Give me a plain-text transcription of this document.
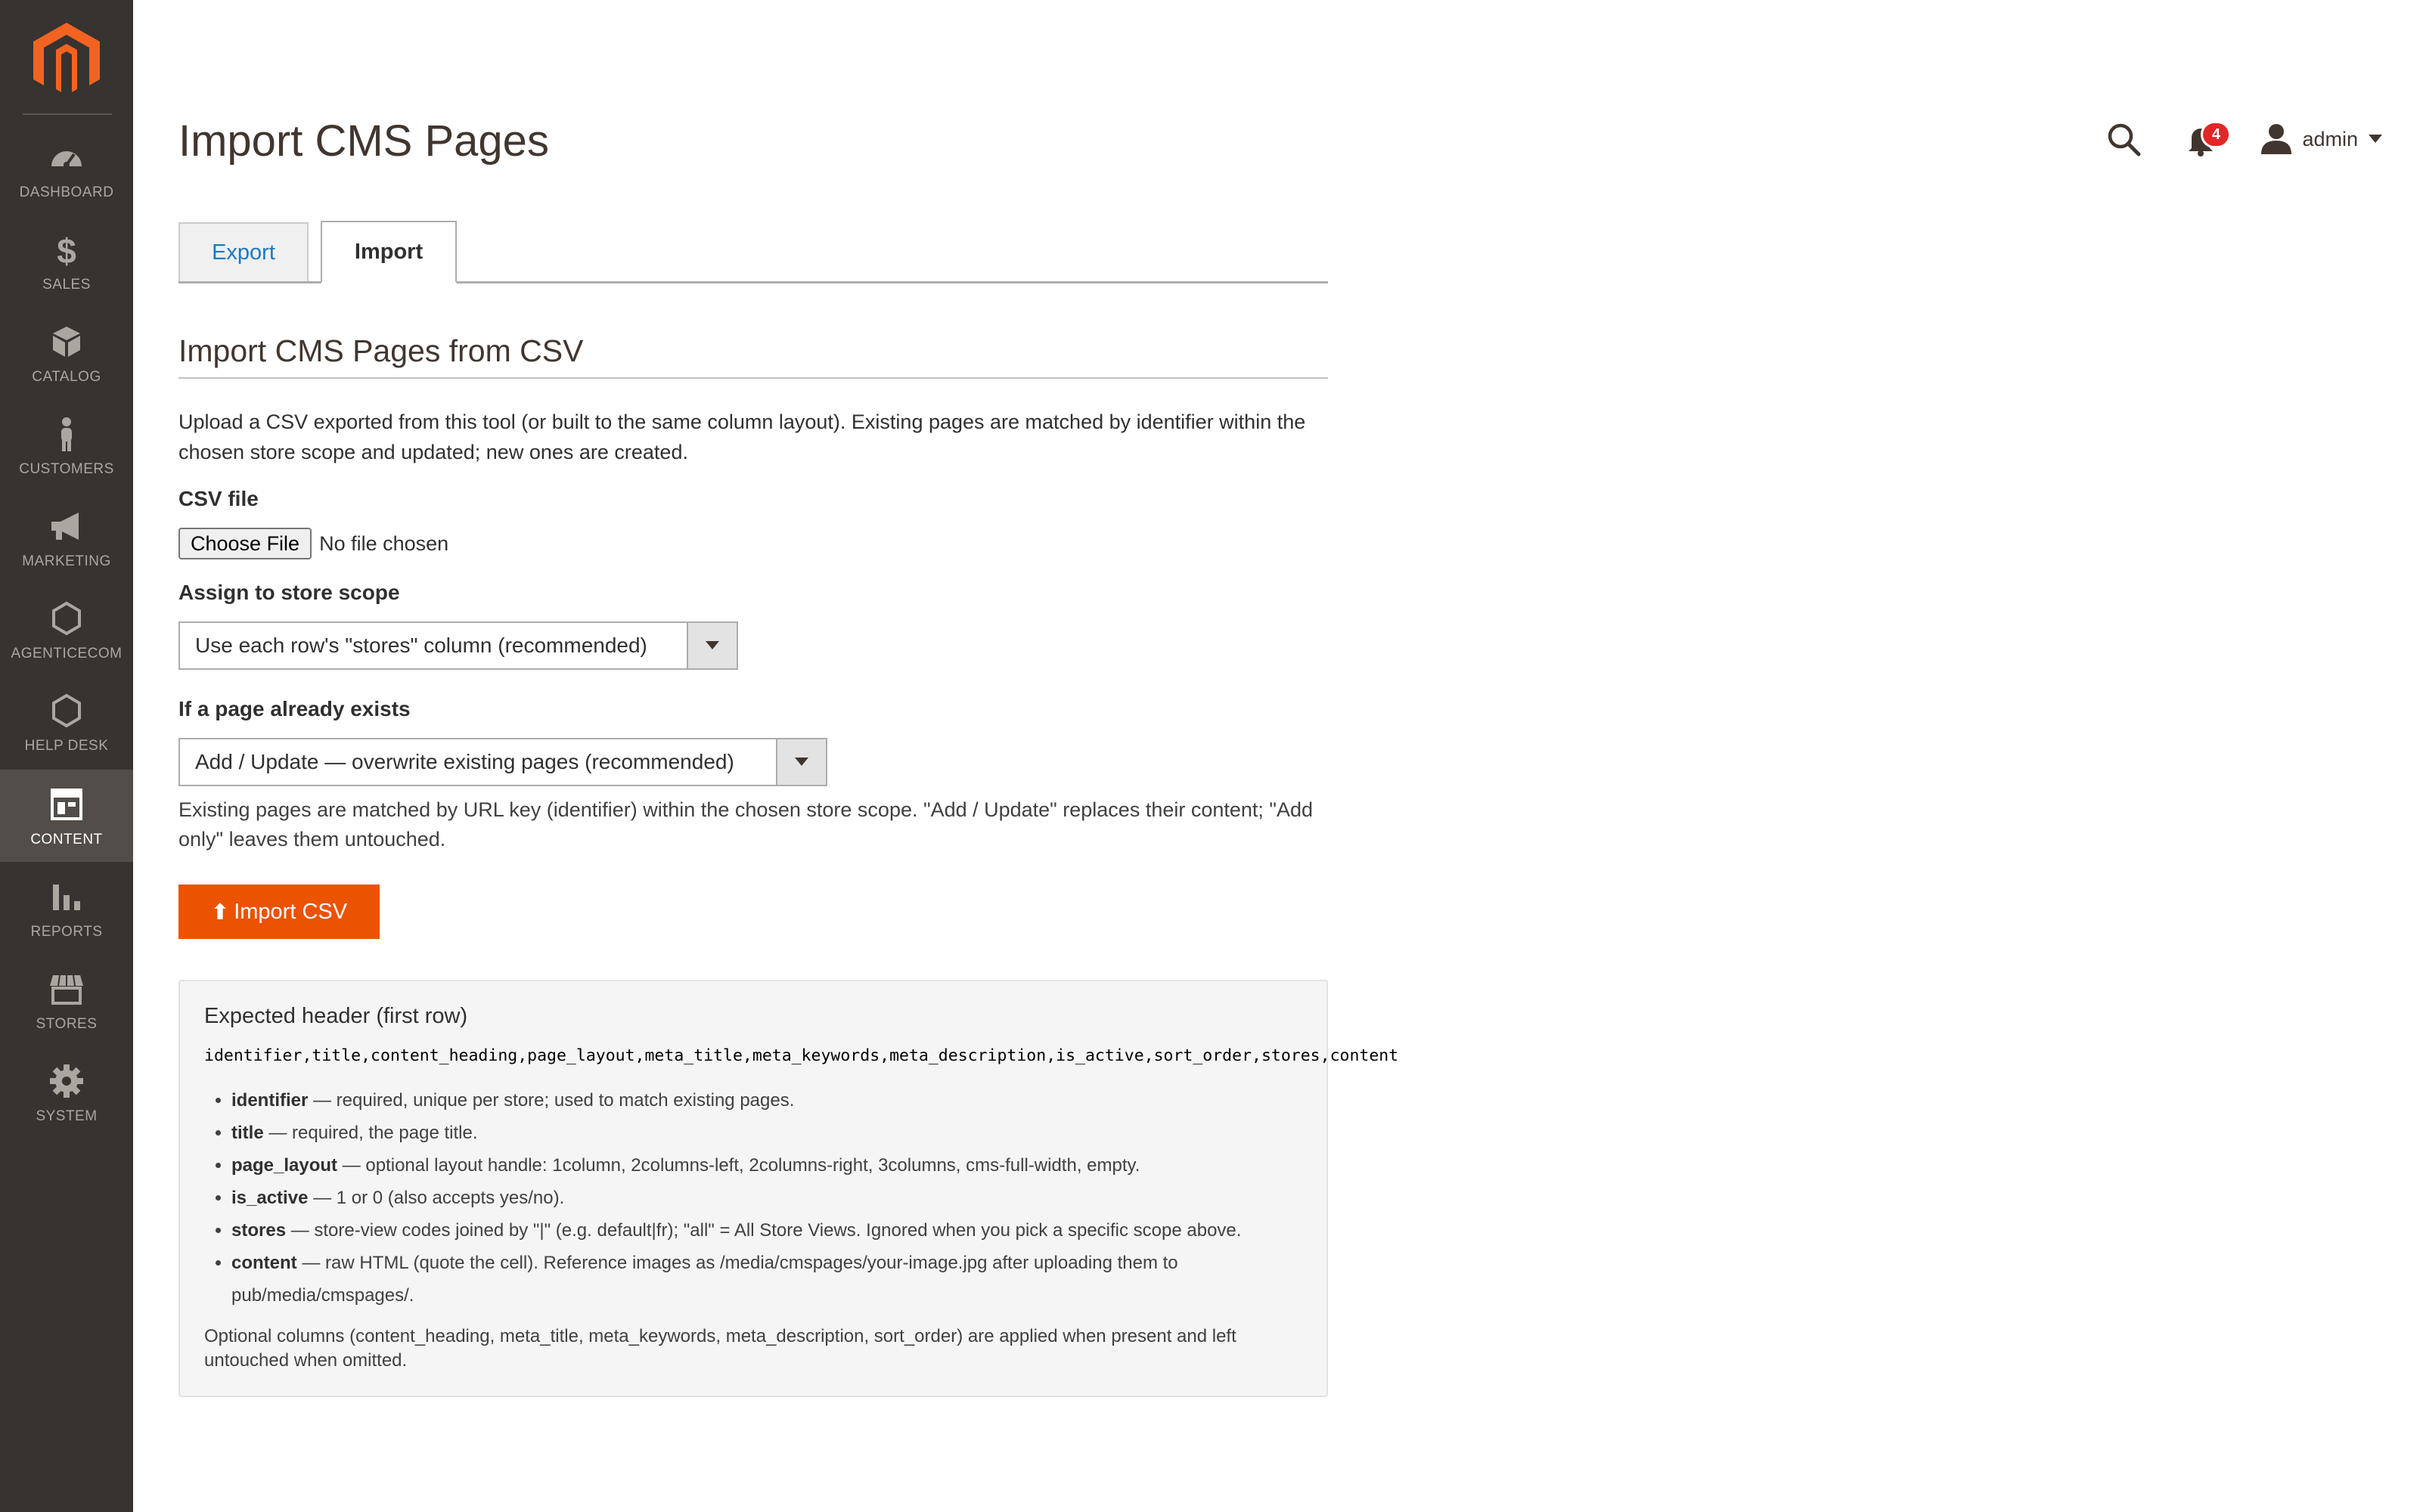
DASHBOARD
$
SALES
CATALOG
CUSTOMERS
MARKETING
AGENTICECOM
HELP DESK
CONTENT
REPORTS
STORES
SYSTEM
Import CMS Pages	4	admin
Export	Import
Import CMS Pages from CSV

Upload a CSV exported from this tool (or built to the same column layout). Existing pages are matched by identifier within the chosen store scope and updated; new ones are created.

CSV file
Choose File No file chosen
Assign to store scope
Use each row's "stores" column (recommended)
If a page already exists
Add / Update — overwrite existing pages (recommended)

Existing pages are matched by URL key (identifier) within the chosen store scope. "Add / Update" replaces their content; "Add only" leaves them untouched.

⬆ Import CSV
Expected header (first row)
identifier,title,content_heading,page_layout,meta_title,meta_keywords,meta_description,is_active,sort_order,stores,content
• identifier — required, unique per store; used to match existing pages.
• title — required, the page title.
• page_layout — optional layout handle: 1column, 2columns-left, 2columns-right, 3columns, cms-full-width, empty.
• is_active — 1 or 0 (also accepts yes/no).
• stores — store-view codes joined by "|" (e.g. default|fr); "all" = All Store Views. Ignored when you pick a specific scope above.
• content — raw HTML (quote the cell). Reference images as /media/cmspages/your-image.jpg after uploading them to pub/media/cmspages/.

Optional columns (content_heading, meta_title, meta_keywords, meta_description, sort_order) are applied when present and left untouched when omitted.
